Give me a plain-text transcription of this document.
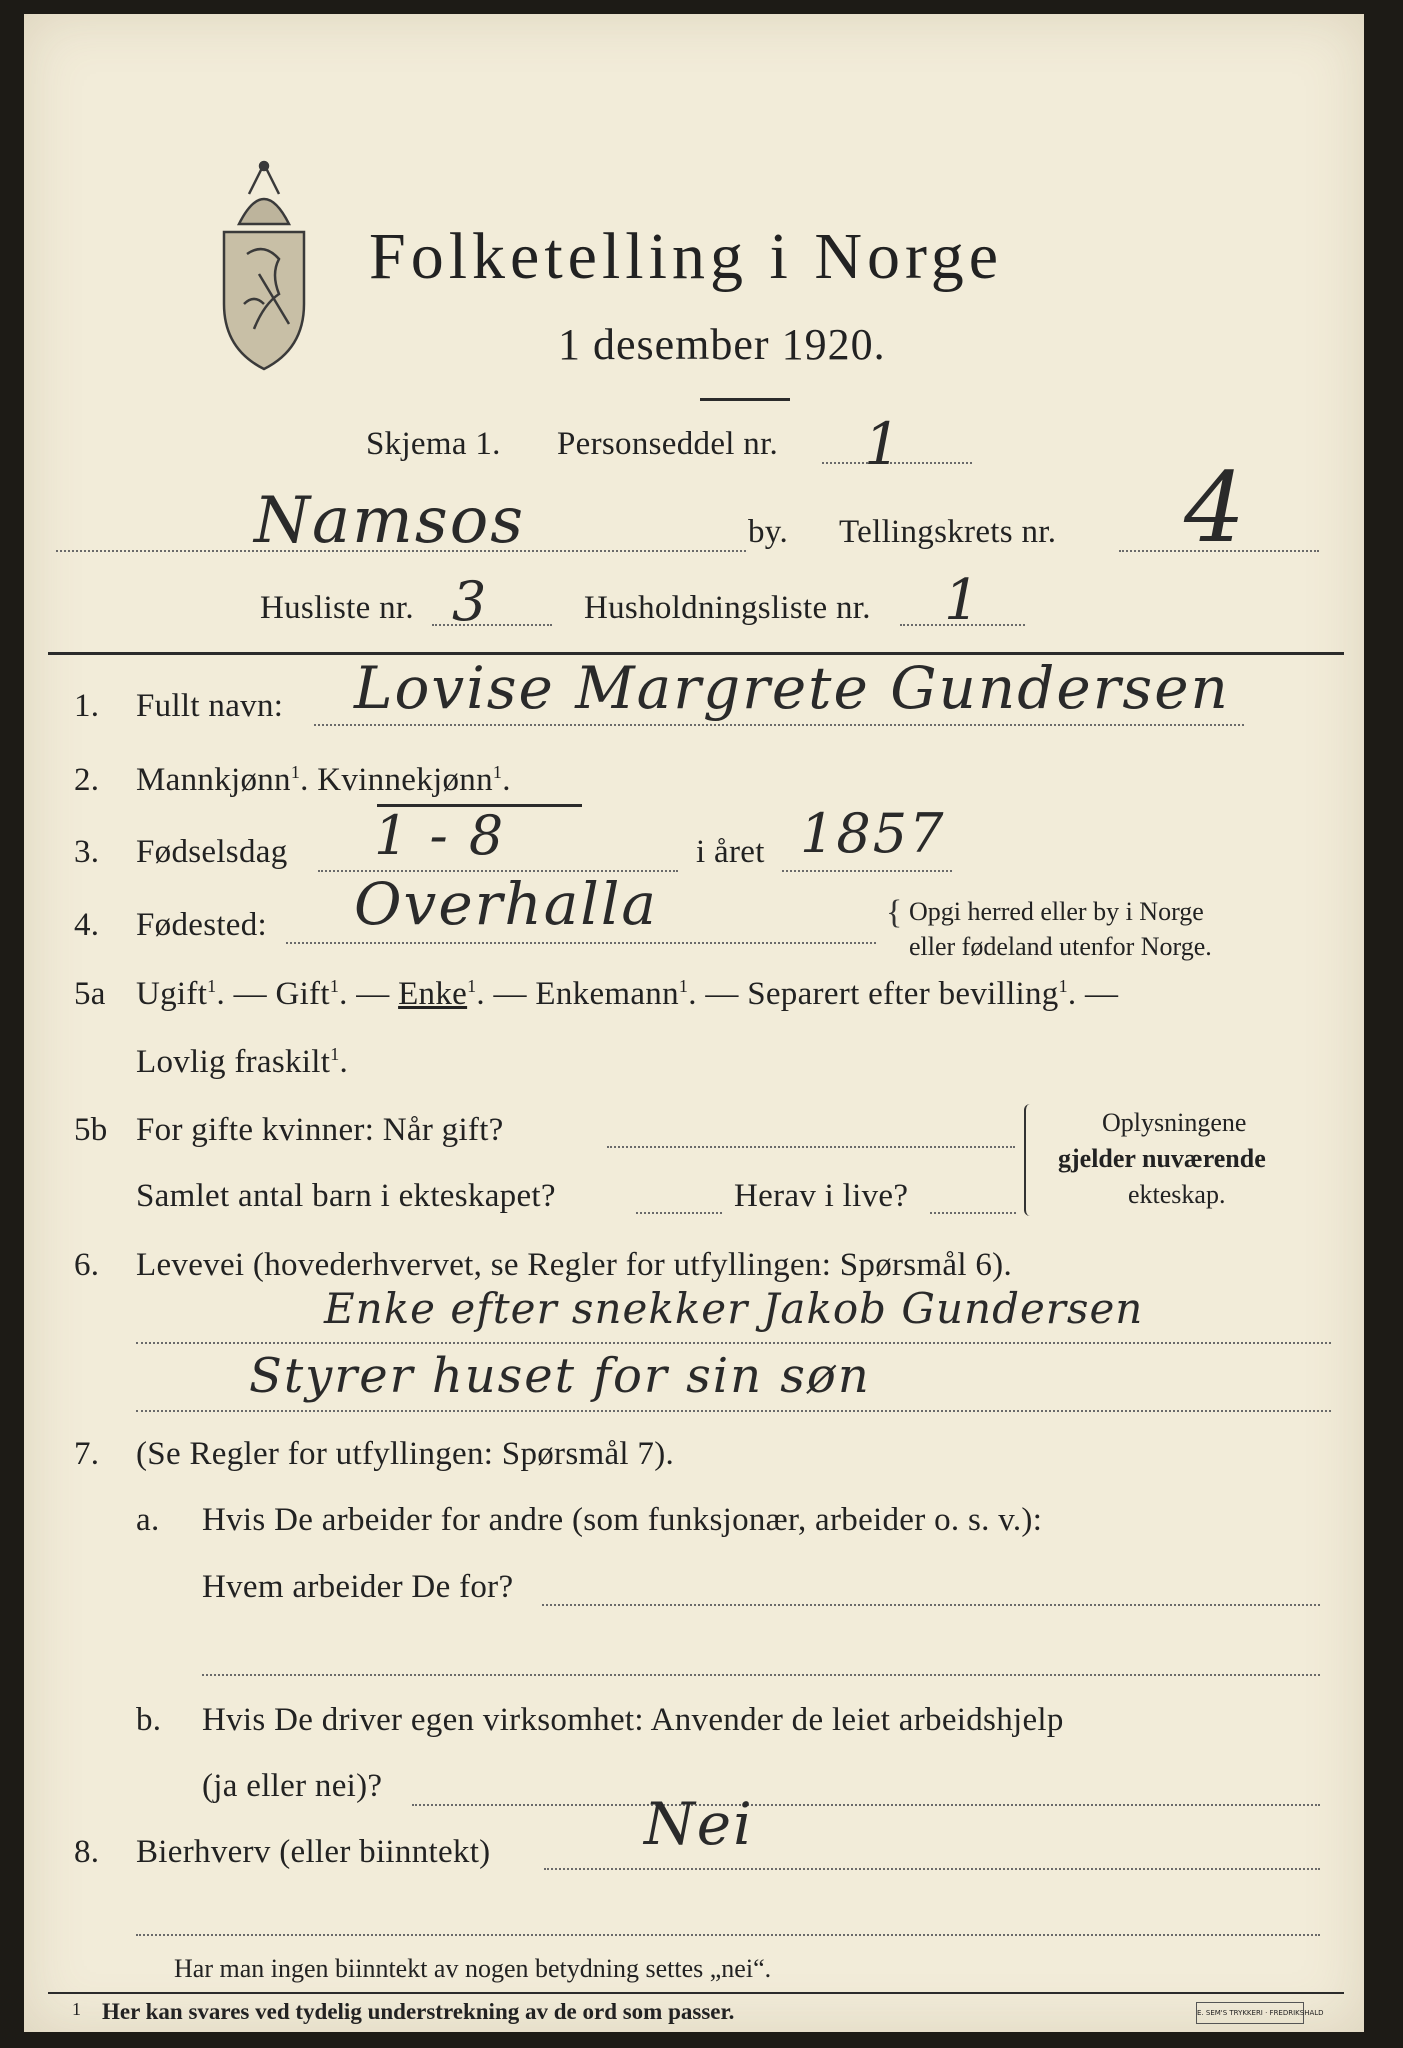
Folketelling i Norge
1 desember 1920.
Skjema 1. Personseddel nr. 1
Namsos	by. Tellingskrets nr. 4
Husliste nr. 3	Husholdningsliste nr. 1
1. Fullt navn: Lovise Margrete Gundersen
2. Mannkjønn$^1$. Kvinnekjønn$^1$.
3. Fødselsdag 1 - 8	i året 1857
4. Fødested: Overhalla	{ Opgi herred eller by i Norge
eller fødeland utenfor Norge.
5a Ugift$^1$. — Gift$^1$. — Enke$^1$. — Enkemann$^1$. — Separert efter bevilling$^1$. —
Lovlig fraskilt$^1$.
5b For gifte kvinner: Når gift?
Samlet antal barn i ekteskapet?	Herav i live?
Oplysningene
gjelder nuværende
ekteskap.
6. Levevei (hovederhvervet, se Regler for utfyllingen: Spørsmål 6).
Enke efter snekker Jakob Gundersen
Styrer huset for sin søn
7. (Se Regler for utfyllingen: Spørsmål 7).
a. Hvis De arbeider for andre (som funksjonær, arbeider o. s. v.):
Hvem arbeider De for?
b. Hvis De driver egen virksomhet: Anvender de leiet arbeidshjelp
(ja eller nei)?
8. Bierhverv (eller biinntekt)	Nei
Har man ingen biinntekt av nogen betydning settes „nei“.
1 Her kan svares ved tydelig understrekning av de ord som passer.	E. SEM'S TRYKKERI · FREDRIKSHALD
